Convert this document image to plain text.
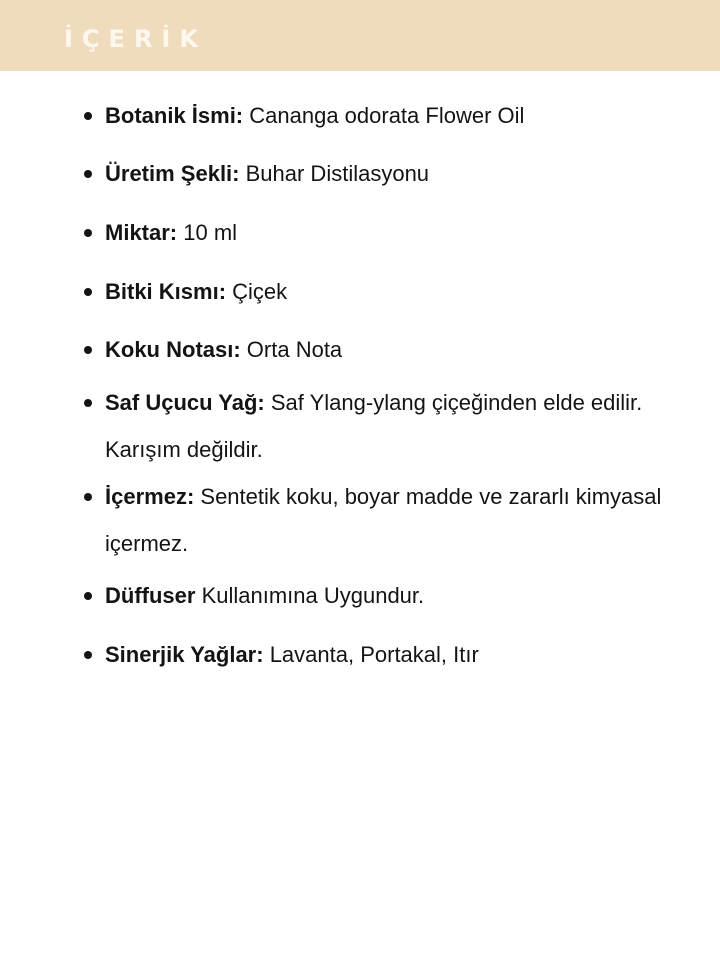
İÇERİK
Botanik İsmi: Cananga odorata Flower Oil
Üretim Şekli: Buhar Distilasyonu
Miktar: 10 ml
Bitki Kısmı: Çiçek
Koku Notası: Orta Nota
Saf Uçucu Yağ: Saf Ylang-ylang çiçeğinden elde edilir. Karışım değildir.
İçermez: Sentetik koku, boyar madde ve zararlı kimyasal içermez.
Düffuser Kullanımına Uygundur.
Sinerjik Yağlar: Lavanta, Portakal, Itır
